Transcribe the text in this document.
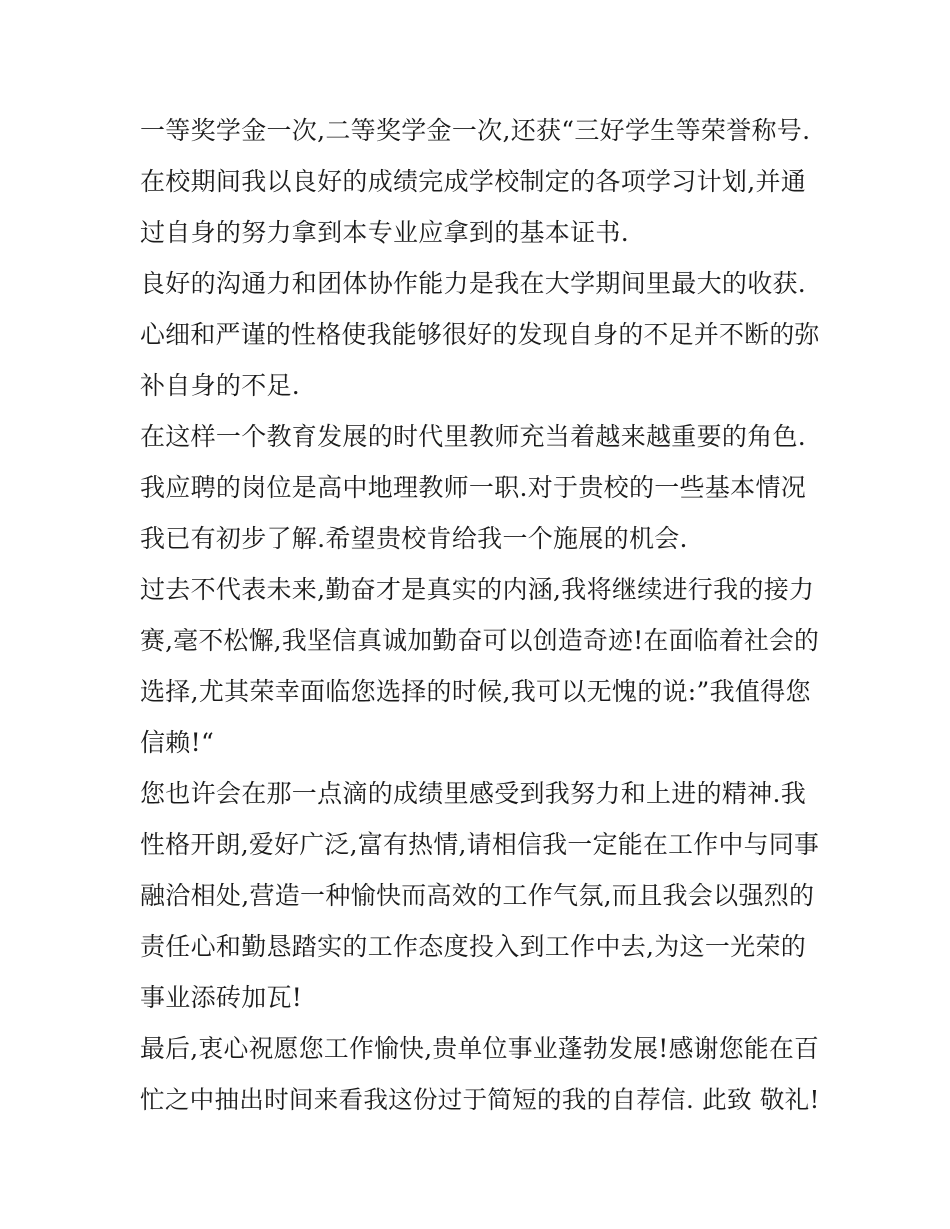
一等奖学金一次,二等奖学金一次,还获“三好学生等荣誉称号.
在校期间我以良好的成绩完成学校制定的各项学习计划,并通
过自身的努力拿到本专业应拿到的基本证书.
良好的沟通力和团体协作能力是我在大学期间里最大的收获.
心细和严谨的性格使我能够很好的发现自身的不足并不断的弥
补自身的不足.
在这样一个教育发展的时代里教师充当着越来越重要的角色.
我应聘的岗位是高中地理教师一职.对于贵校的一些基本情况
我已有初步了解.希望贵校肯给我一个施展的机会.
过去不代表未来,勤奋才是真实的内涵,我将继续进行我的接力
赛,毫不松懈,我坚信真诚加勤奋可以创造奇迹!在面临着社会的
选择,尤其荣幸面临您选择的时候,我可以无愧的说:”我值得您
信赖!“
您也许会在那一点滴的成绩里感受到我努力和上进的精神.我
性格开朗,爱好广泛,富有热情,请相信我一定能在工作中与同事
融洽相处,营造一种愉快而高效的工作气氛,而且我会以强烈的
责任心和勤恳踏实的工作态度投入到工作中去,为这一光荣的
事业添砖加瓦!
最后,衷心祝愿您工作愉快,贵单位事业蓬勃发展!感谢您能在百
忙之中抽出时间来看我这份过于简短的我的自荐信. 此致 敬礼!
